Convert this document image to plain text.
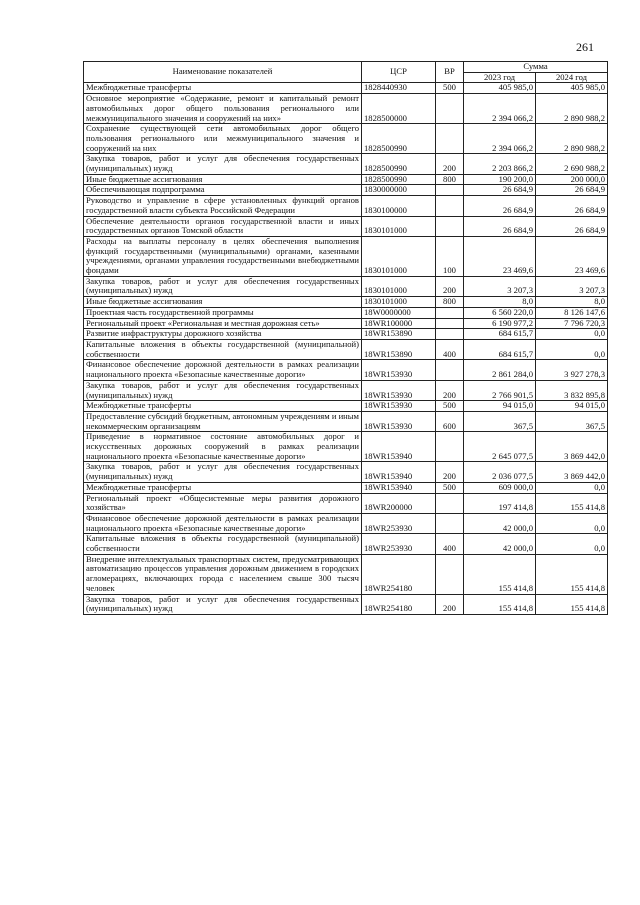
261
Наименование показателей	ЦСР	ВР	Сумма	
			2023 год	2024 год
Межбюджетные трансферты	1828440930	500	405 985,0	405 985,0
Основное мероприятие «Содержание, ремонт и капитальный ремонт автомобильных дорог общего пользования регионального или межмуниципального значения и сооружений на них»	1828500000		2 394 066,2	2 890 988,2
Сохранение существующей сети автомобильных дорог общего пользования регионального или межмуниципального значения и сооружений на них	1828500990		2 394 066,2	2 890 988,2
Закупка товаров, работ и услуг для обеспечения государственных (муниципальных) нужд	1828500990	200	2 203 866,2	2 690 988,2
Иные бюджетные ассигнования	1828500990	800	190 200,0	200 000,0
Обеспечивающая подпрограмма	1830000000		26 684,9	26 684,9
Руководство и управление в сфере установленных функций органов государственной власти субъекта Российской Федерации	1830100000		26 684,9	26 684,9
Обеспечение деятельности органов государственной власти и иных государственных органов Томской области	1830101000		26 684,9	26 684,9
Расходы на выплаты персоналу в целях обеспечения выполнения функций государственными (муниципальными) органами, казенными учреждениями, органами управления государственными внебюджетными фондами	1830101000	100	23 469,6	23 469,6
Закупка товаров, работ и услуг для обеспечения государственных (муниципальных) нужд	1830101000	200	3 207,3	3 207,3
Иные бюджетные ассигнования	1830101000	800	8,0	8,0
Проектная часть государственной программы	18W0000000		6 560 220,0	8 126 147,6
Региональный проект «Региональная и местная дорожная сеть»	18WR100000		6 190 977,2	7 796 720,3
Развитие инфраструктуры дорожного хозяйства	18WR153890		684 615,7	0,0
Капитальные вложения в объекты государственной (муниципальной) собственности	18WR153890	400	684 615,7	0,0
Финансовое обеспечение дорожной деятельности в рамках реализации национального проекта «Безопасные качественные дороги»	18WR153930		2 861 284,0	3 927 278,3
Закупка товаров, работ и услуг для обеспечения государственных (муниципальных) нужд	18WR153930	200	2 766 901,5	3 832 895,8
Межбюджетные трансферты	18WR153930	500	94 015,0	94 015,0
Предоставление субсидий бюджетным, автономным учреждениям и иным некоммерческим организациям	18WR153930	600	367,5	367,5
Приведение в нормативное состояние автомобильных дорог и искусственных дорожных сооружений в рамках реализации национального проекта «Безопасные качественные дороги»	18WR153940		2 645 077,5	3 869 442,0
Закупка товаров, работ и услуг для обеспечения государственных (муниципальных) нужд	18WR153940	200	2 036 077,5	3 869 442,0
Межбюджетные трансферты	18WR153940	500	609 000,0	0,0
Региональный проект «Общесистемные меры развития дорожного хозяйства»	18WR200000		197 414,8	155 414,8
Финансовое обеспечение дорожной деятельности в рамках реализации национального проекта «Безопасные качественные дороги»	18WR253930		42 000,0	0,0
Капитальные вложения в объекты государственной (муниципальной) собственности	18WR253930	400	42 000,0	0,0
Внедрение интеллектуальных транспортных систем, предусматривающих автоматизацию процессов управления дорожным движением в городских агломерациях, включающих города с населением свыше 300 тысяч человек	18WR254180		155 414,8	155 414,8
Закупка товаров, работ и услуг для обеспечения государственных (муниципальных) нужд	18WR254180	200	155 414,8	155 414,8
